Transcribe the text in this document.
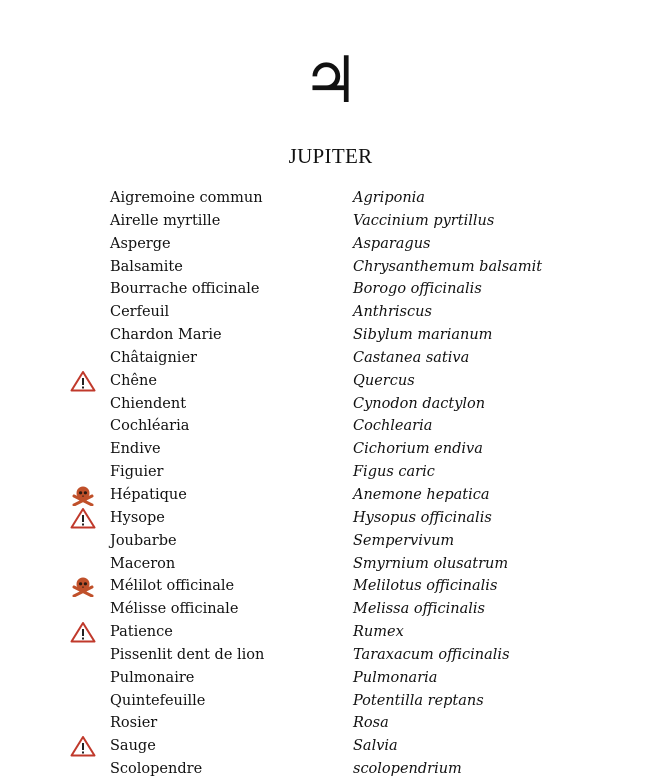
♃
JUPITER
Aigremoine commun	Agriponia
Airelle myrtille	Vaccinium pyrtillus
Asperge	Asparagus
Balsamite	Chrysanthemum balsamit
Bourrache officinale	Borogo officinalis
Cerfeuil	Anthriscus
Chardon Marie	Sibylum marianum
Châtaignier	Castanea sativa
Chêne	Quercus
Chiendent	Cynodon dactylon
Cochléaria	Cochlearia
Endive	Cichorium endiva
Figuier	Figus caric
Hépatique	Anemone hepatica
Hysope	Hysopus officinalis
Joubarbe	Sempervivum
Maceron	Smyrnium olusatrum
Mélilot officinale	Melilotus officinalis
Mélisse officinale	Melissa officinalis
Patience	Rumex
Pissenlit dent de lion	Taraxacum officinalis
Pulmonaire	Pulmonaria
Quintefeuille	Potentilla reptans
Rosier	Rosa
Sauge	Salvia
Scolopendre	scolopendrium
